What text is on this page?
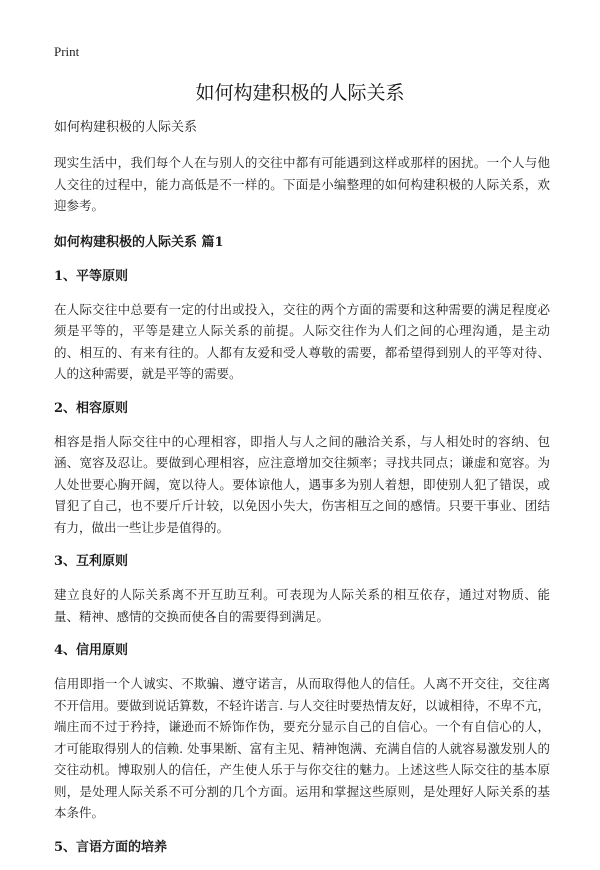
Print
如何构建积极的人际关系
如何构建积极的人际关系

现实生活中，我们每个人在与别人的交往中都有可能遇到这样或那样的困扰。一个人与他人交往的过程中，能力高低是不一样的。下面是小编整理的如何构建积极的人际关系，欢迎参考。

如何构建积极的人际关系 篇1
1、平等原则

在人际交往中总要有一定的付出或投入，交往的两个方面的需要和这种需要的满足程度必须是平等的，平等是建立人际关系的前提。人际交往作为人们之间的心理沟通，是主动的、相互的、有来有往的。人都有友爱和受人尊敬的需要，都希望得到别人的平等对待、人的这种需要，就是平等的需要。

2、相容原则

相容是指人际交往中的心理相容，即指人与人之间的融洽关系，与人相处时的容纳、包涵、宽容及忍让。要做到心理相容，应注意增加交往频率；寻找共同点；谦虚和宽容。为人处世要心胸开阔，宽以待人。要体谅他人，遇事多为别人着想，即使别人犯了错误，或冒犯了自己，也不要斤斤计较，以免因小失大，伤害相互之间的感情。只要干事业、团结有力，做出一些让步是值得的。

3、互利原则

建立良好的人际关系离不开互助互利。可表现为人际关系的相互依存，通过对物质、能量、精神、感情的交换而使各自的需要得到满足。

4、信用原则

信用即指一个人诚实、不欺骗、遵守诺言，从而取得他人的信任。人离不开交往，交往离不开信用。要做到说话算数，不轻许诺言. 与人交往时要热情友好，以诚相待，不卑不亢，端庄而不过于矜持，谦逊而不矫饰作伪，要充分显示自己的自信心。一个有自信心的人，才可能取得别人的信赖. 处事果断、富有主见、精神饱满、充满自信的人就容易激发别人的交往动机。博取别人的信任，产生使人乐于与你交往的魅力。上述这些人际交往的基本原则，是处理人际关系不可分割的几个方面。运用和掌握这些原则，是处理好人际关系的基本条件。

5、言语方面的培养
